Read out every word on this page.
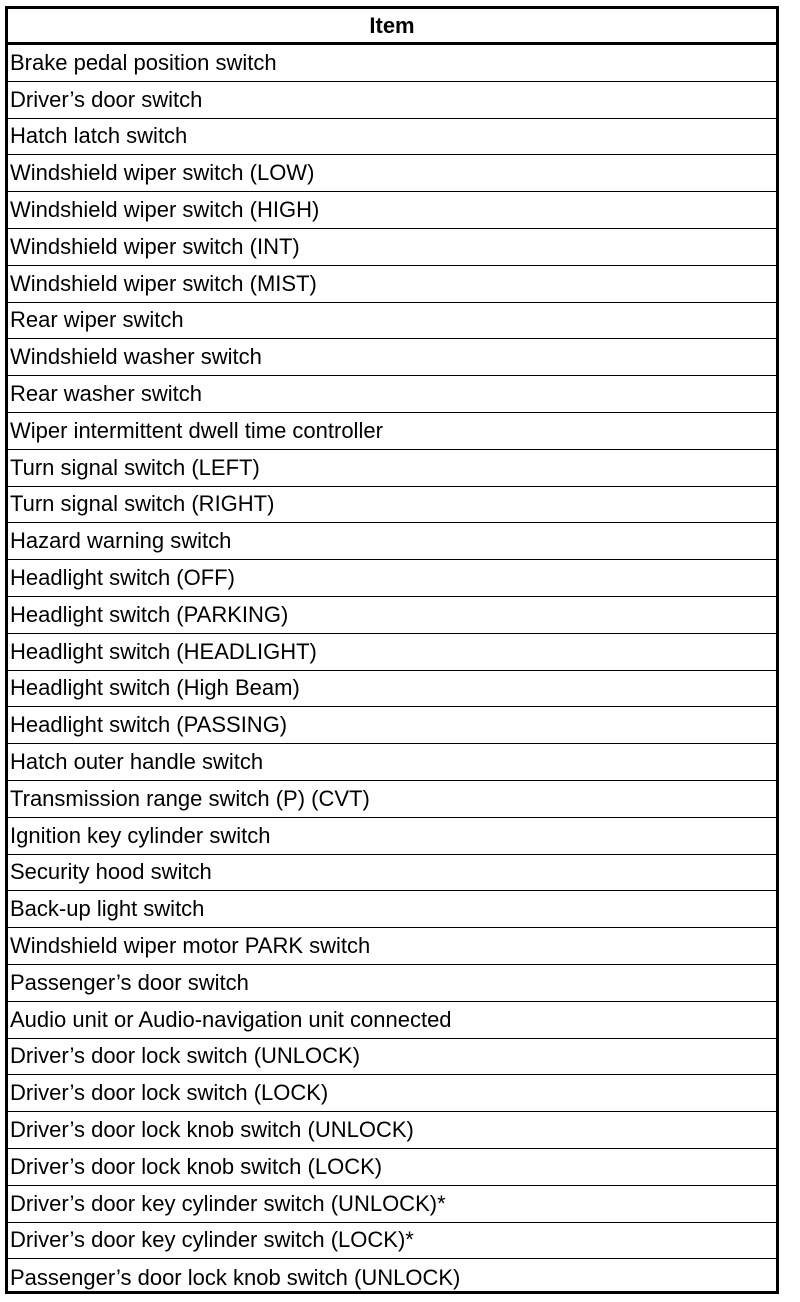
Item
Brake pedal position switch
Driver’s door switch
Hatch latch switch
Windshield wiper switch (LOW)
Windshield wiper switch (HIGH)
Windshield wiper switch (INT)
Windshield wiper switch (MIST)
Rear wiper switch
Windshield washer switch
Rear washer switch
Wiper intermittent dwell time controller
Turn signal switch (LEFT)
Turn signal switch (RIGHT)
Hazard warning switch
Headlight switch (OFF)
Headlight switch (PARKING)
Headlight switch (HEADLIGHT)
Headlight switch (High Beam)
Headlight switch (PASSING)
Hatch outer handle switch
Transmission range switch (P) (CVT)
Ignition key cylinder switch
Security hood switch
Back-up light switch
Windshield wiper motor PARK switch
Passenger’s door switch
Audio unit or Audio-navigation unit connected
Driver’s door lock switch (UNLOCK)
Driver’s door lock switch (LOCK)
Driver’s door lock knob switch (UNLOCK)
Driver’s door lock knob switch (LOCK)
Driver’s door key cylinder switch (UNLOCK)*
Driver’s door key cylinder switch (LOCK)*
Passenger’s door lock knob switch (UNLOCK)
